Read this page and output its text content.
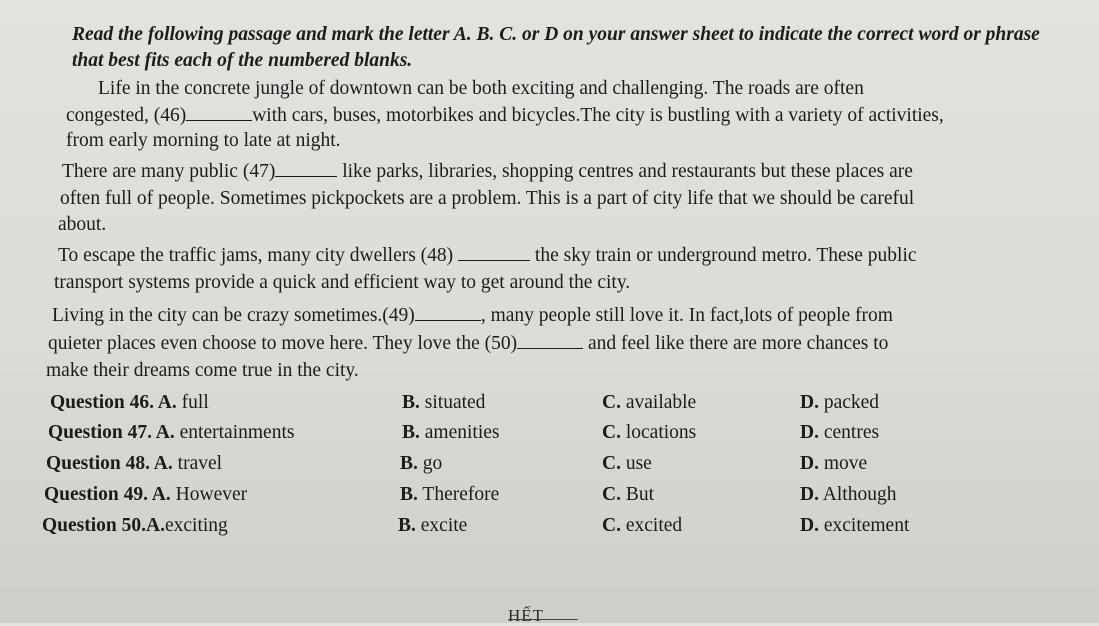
Read the following passage and mark the letter A. B. C. or D on your answer sheet to indicate the correct word or phrase that best fits each of the numbered blanks.
Life in the concrete jungle of downtown can be both exciting and challenging. The roads are often
congested, (46)	with cars, buses, motorbikes and bicycles.The city is bustling with a variety of activities,
from early morning to late at night.
There are many public (47)	like parks, libraries, shopping centres and restaurants but these places are
often full of people. Sometimes pickpockets are a problem. This is a part of city life that we should be careful
about.
To escape the traffic jams, many city dwellers (48)	the sky train or underground metro. These public
transport systems provide a quick and efficient way to get around the city.
Living in the city can be crazy sometimes.(49)	, many people still love it. In fact,lots of people from
quieter places even choose to move here. They love the (50)	and feel like there are more chances to
make their dreams come true in the city.
Question 46. A. full	B. situated	C. available	D. packed
Question 47. A. entertainments	B. amenities	C. locations	D. centres
Question 48. A. travel	B. go	C. use	D. move
Question 49. A. However	B. Therefore	C. But	D. Although
Question 50.A.exciting	B. excite	C. excited	D. excitement
HẾT
